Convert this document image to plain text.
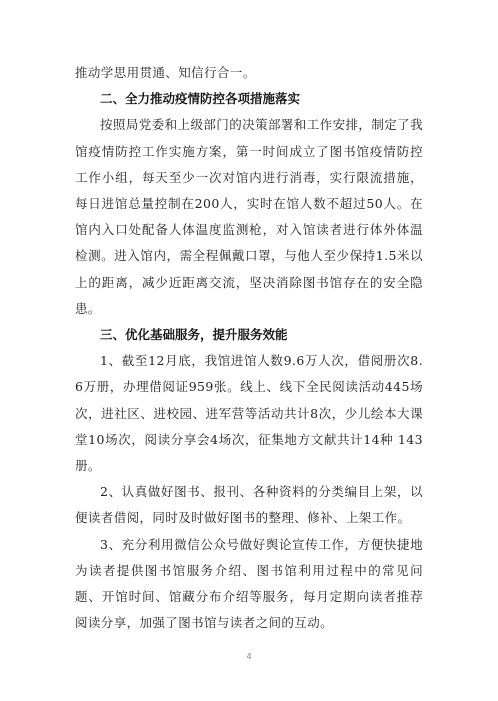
推动学思用贯通、知信行合一。

二、全力推动疫情防控各项措施落实

按照局党委和上级部门的决策部署和工作安排，制定了我馆疫情防控工作实施方案，第一时间成立了图书馆疫情防控工作小组，每天至少一次对馆内进行消毒，实行限流措施，每日进馆总量控制在200人，实时在馆人数不超过50人。在馆内入口处配备人体温度监测枪，对入馆读者进行体外体温检测。进入馆内，需全程佩戴口罩，与他人至少保持1.5米以上的距离，减少近距离交流，坚决消除图书馆存在的安全隐患。

三、优化基础服务，提升服务效能

1、截至12月底，我馆进馆人数9.6万人次，借阅册次8.6万册，办理借阅证959张。线上、线下全民阅读活动445场次，进社区、进校园、进军营等活动共计8次，少儿绘本大课堂10场次，阅读分享会4场次，征集地方文献共计14种 143册。

2、认真做好图书、报刊、各种资料的分类编目上架，以便读者借阅，同时及时做好图书的整理、修补、上架工作。

3、充分利用微信公众号做好舆论宣传工作，方便快捷地为读者提供图书馆服务介绍、图书馆利用过程中的常见问题、开馆时间、馆藏分布介绍等服务，每月定期向读者推荐阅读分享，加强了图书馆与读者之间的互动。

4
